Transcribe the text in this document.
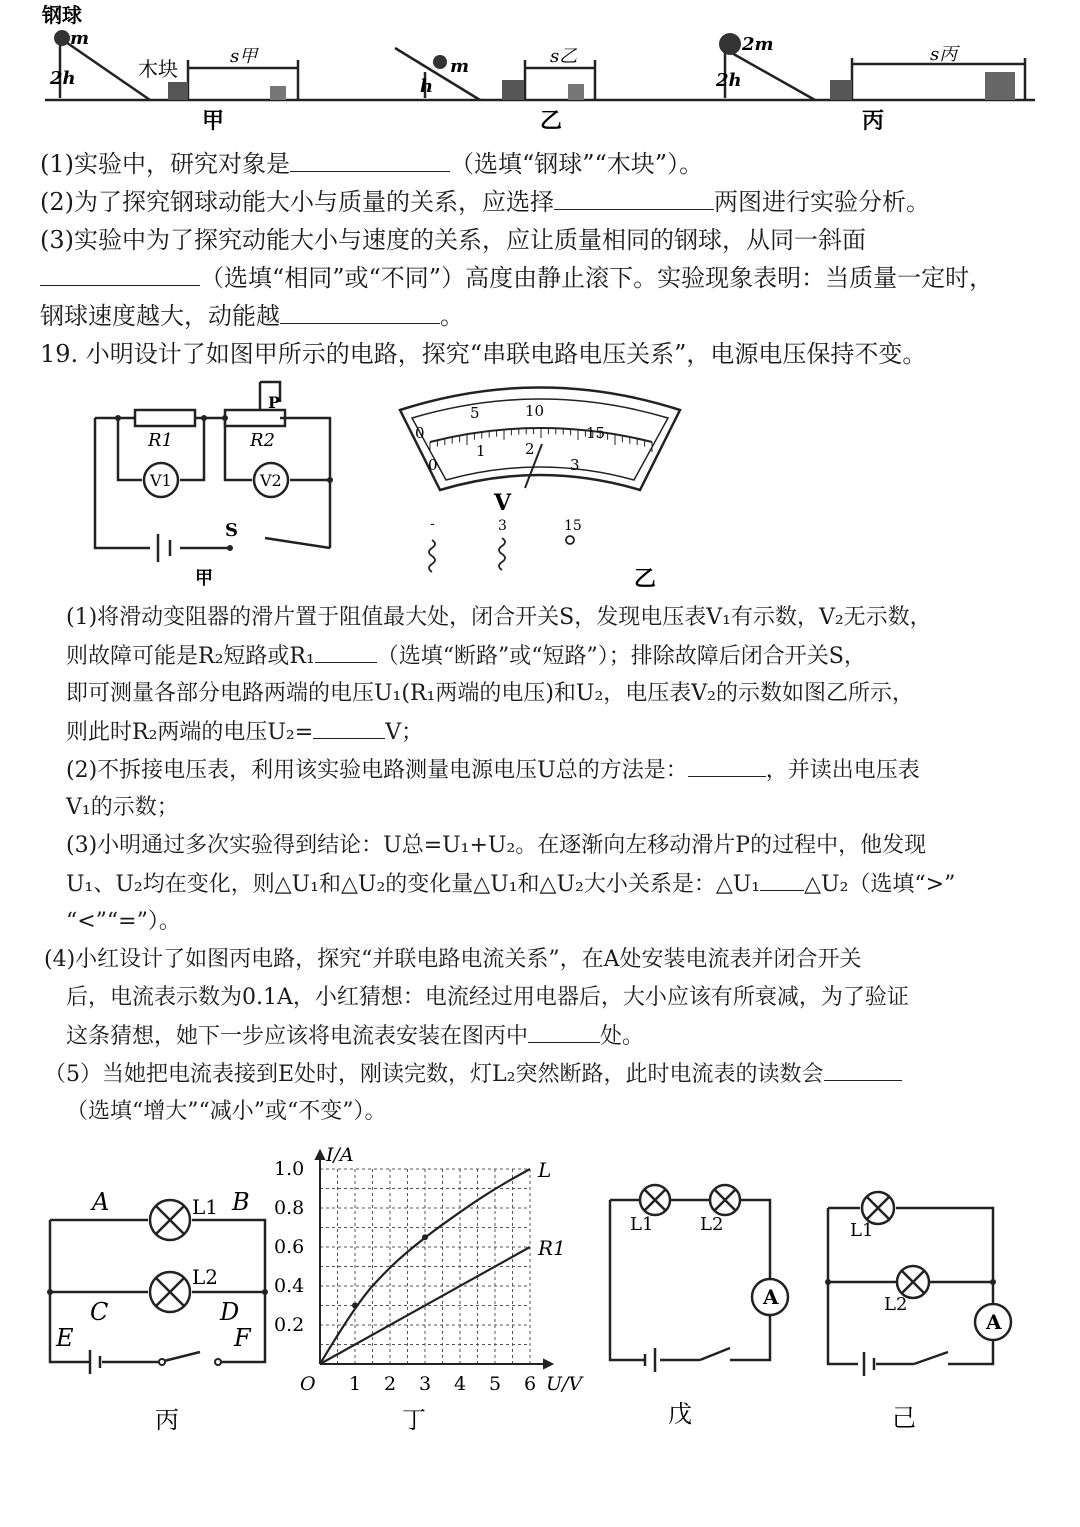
钢球
m
m
2m
2h	h	2h
木块
s甲	s乙	s丙
甲	乙	丙
(1)实验中，研究对象是	（选填“钢球”“木块”）。
(2)为了探究钢球动能大小与质量的关系，应选择	两图进行实验分析。
(3)实验中为了探究动能大小与速度的关系，应让质量相同的钢球，从同一斜面
（选填“相同”或“不同”）高度由静止滚下。实验现象表明：当质量一定时，
钢球速度越大，动能越	。
19. 小明设计了如图甲所示的电路，探究“串联电路电压关系”，电源电压保持不变。
P
R1	R2
V1	V2
S
甲
0
5	10
15
0
1	2
3
V
-	3	15
乙
(1)将滑动变阻器的滑片置于阻值最大处，闭合开关S，发现电压表V₁有示数，V₂无示数，
则故障可能是R₂短路或R₁	（选填“断路”或“短路”）；排除故障后闭合开关S，
即可测量各部分电路两端的电压U₁(R₁两端的电压)和U₂，电压表V₂的示数如图乙所示，
则此时R₂两端的电压U₂=	V；
(2)不拆接电压表，利用该实验电路测量电源电压U总的方法是：	，并读出电压表
V₁的示数；
(3)小明通过多次实验得到结论：U总=U₁+U₂。在逐渐向左移动滑片P的过程中，他发现
U₁、U₂均在变化，则△U₁和△U₂的变化量△U₁和△U₂大小关系是：△U₁ △U₂（选填“>”
“<”“=”）。
(4)小红设计了如图丙电路，探究“并联电路电流关系”，在A处安装电流表并闭合开关
后，电流表示数为0.1A，小红猜想：电流经过用电器后，大小应该有所衰减，为了验证
这条猜想，她下一步应该将电流表安装在图丙中	处。
（5）当她把电流表接到E处时，刚读完数，灯L₂突然断路，此时电流表的读数会
（选填“增大”“减小”或“不变”）。
A	B
L1
L2
C	D
E	F
丙
1 2 3 4 5 6
0.2
0.4
0.6
0.8
1.0
O	U/V
I/A
L
R1
丁
A
L1	L2
戊
A
L1
L2
己
